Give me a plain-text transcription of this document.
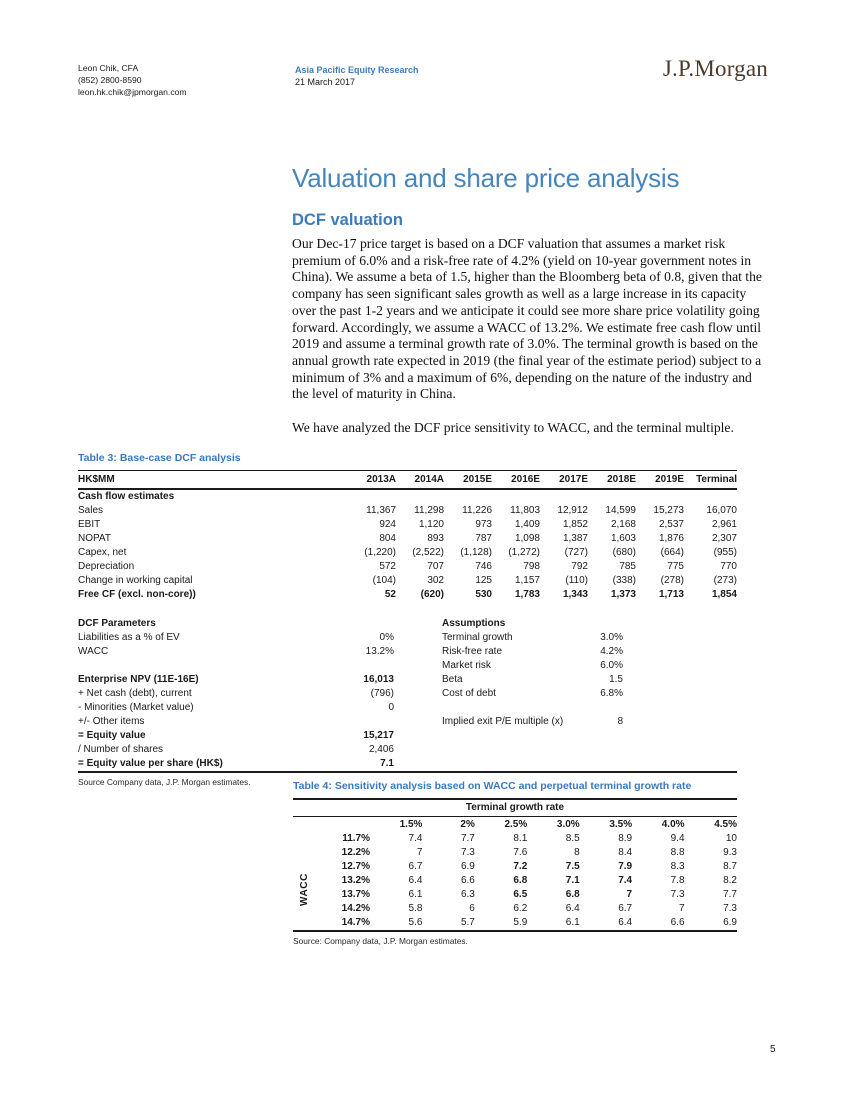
Leon Chik, CFA
(852) 2800-8590
leon.hk.chik@jpmorgan.com
Asia Pacific Equity Research
21 March 2017
J.P.Morgan
Valuation and share price analysis
DCF valuation

Our Dec-17 price target is based on a DCF valuation that assumes a market risk premium of 6.0% and a risk-free rate of 4.2% (yield on 10-year government notes in China). We assume a beta of 1.5, higher than the Bloomberg beta of 0.8, given that the company has seen significant sales growth as well as a large increase in its capacity over the past 1-2 years and we anticipate it could see more share price volatility going forward. Accordingly, we assume a WACC of 13.2%. We estimate free cash flow until 2019 and assume a terminal growth rate of 3.0%. The terminal growth is based on the annual growth rate expected in 2019 (the final year of the estimate period) subject to a minimum of 3% and a maximum of 6%, depending on the nature of the industry and the level of maturity in China.

We have analyzed the DCF price sensitivity to WACC, and the terminal multiple.

Table 3: Base-case DCF analysis
HK$MM	2013A	2014A	2015E	2016E	2017E	2018E	2019E	Terminal
Cash flow estimates								
Sales	11,367	11,298	11,226	11,803	12,912	14,599	15,273	16,070
EBIT	924	1,120	973	1,409	1,852	2,168	2,537	2,961
NOPAT	804	893	787	1,098	1,387	1,603	1,876	2,307
Capex, net	(1,220)	(2,522)	(1,128)	(1,272)	(727)	(680)	(664)	(955)
Depreciation	572	707	746	798	792	785	775	770
Change in working capital	(104)	302	125	1,157	(110)	(338)	(278)	(273)
Free CF (excl. non-core))	52	(620)	530	1,783	1,343	1,373	1,713	1,854
DCF Parameters			Assumptions		
Liabilities as a % of EV	0%		Terminal growth	3.0%	
WACC	13.2%		Risk-free rate	4.2%	
			Market risk	6.0%	
Enterprise NPV (11E-16E)	16,013		Beta	1.5	
+ Net cash (debt), current	(796)		Cost of debt	6.8%	
- Minorities (Market value)	0				
+/- Other items			Implied exit P/E multiple (x)	8	
= Equity value	15,217				
/ Number of shares	2,406				
= Equity value per share (HK$)	7.1				
Source Company data, J.P. Morgan estimates.	Table 4: Sensitivity analysis based on WACC and perpetual terminal growth rate
Terminal growth rate							
	1.5%	2%	2.5%	3.0%	3.5%	4.0%	4.5%
11.7%	7.4	7.7	8.1	8.5	8.9	9.4	10
12.2%	7	7.3	7.6	8	8.4	8.8	9.3
12.7%	6.7	6.9	7.2	7.5	7.9	8.3	8.7
13.2%	6.4	6.6	6.8	7.1	7.4	7.8	8.2
13.7%	6.1	6.3	6.5	6.8	7	7.3	7.7
14.2%	5.8	6	6.2	6.4	6.7	7	7.3
14.7%	5.6	5.7	5.9	6.1	6.4	6.6	6.9
WACC
Source: Company data, J.P. Morgan estimates.
5
